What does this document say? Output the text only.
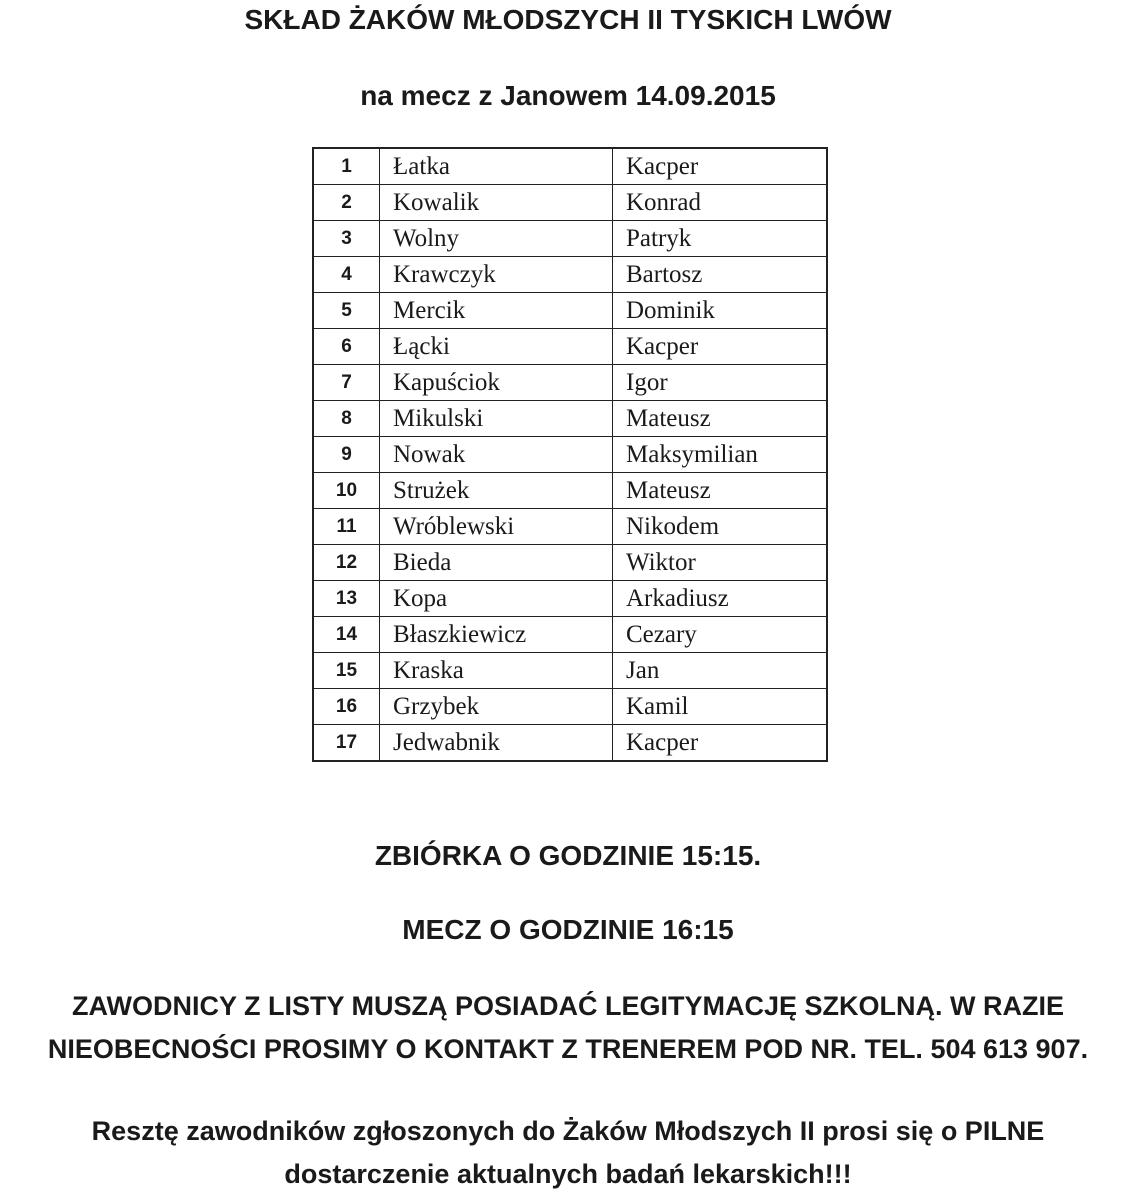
SKŁAD ŻAKÓW MŁODSZYCH II TYSKICH LWÓW
na mecz z Janowem 14.09.2015
1	Łatka	Kacper
2	Kowalik	Konrad
3	Wolny	Patryk
4	Krawczyk	Bartosz
5	Mercik	Dominik
6	Łącki	Kacper
7	Kapuściok	Igor
8	Mikulski	Mateusz
9	Nowak	Maksymilian
10	Strużek	Mateusz
11	Wróblewski	Nikodem
12	Bieda	Wiktor
13	Kopa	Arkadiusz
14	Błaszkiewicz	Cezary
15	Kraska	Jan
16	Grzybek	Kamil
17	Jedwabnik	Kacper
ZBIÓRKA O GODZINIE 15:15.
MECZ O GODZINIE 16:15
ZAWODNICY Z LISTY MUSZĄ POSIADAĆ LEGITYMACJĘ SZKOLNĄ. W RAZIE
NIEOBECNOŚCI PROSIMY O KONTAKT Z TRENEREM POD NR. TEL. 504 613 907.
Resztę zawodników zgłoszonych do Żaków Młodszych II prosi się o PILNE
dostarczenie aktualnych badań lekarskich!!!
